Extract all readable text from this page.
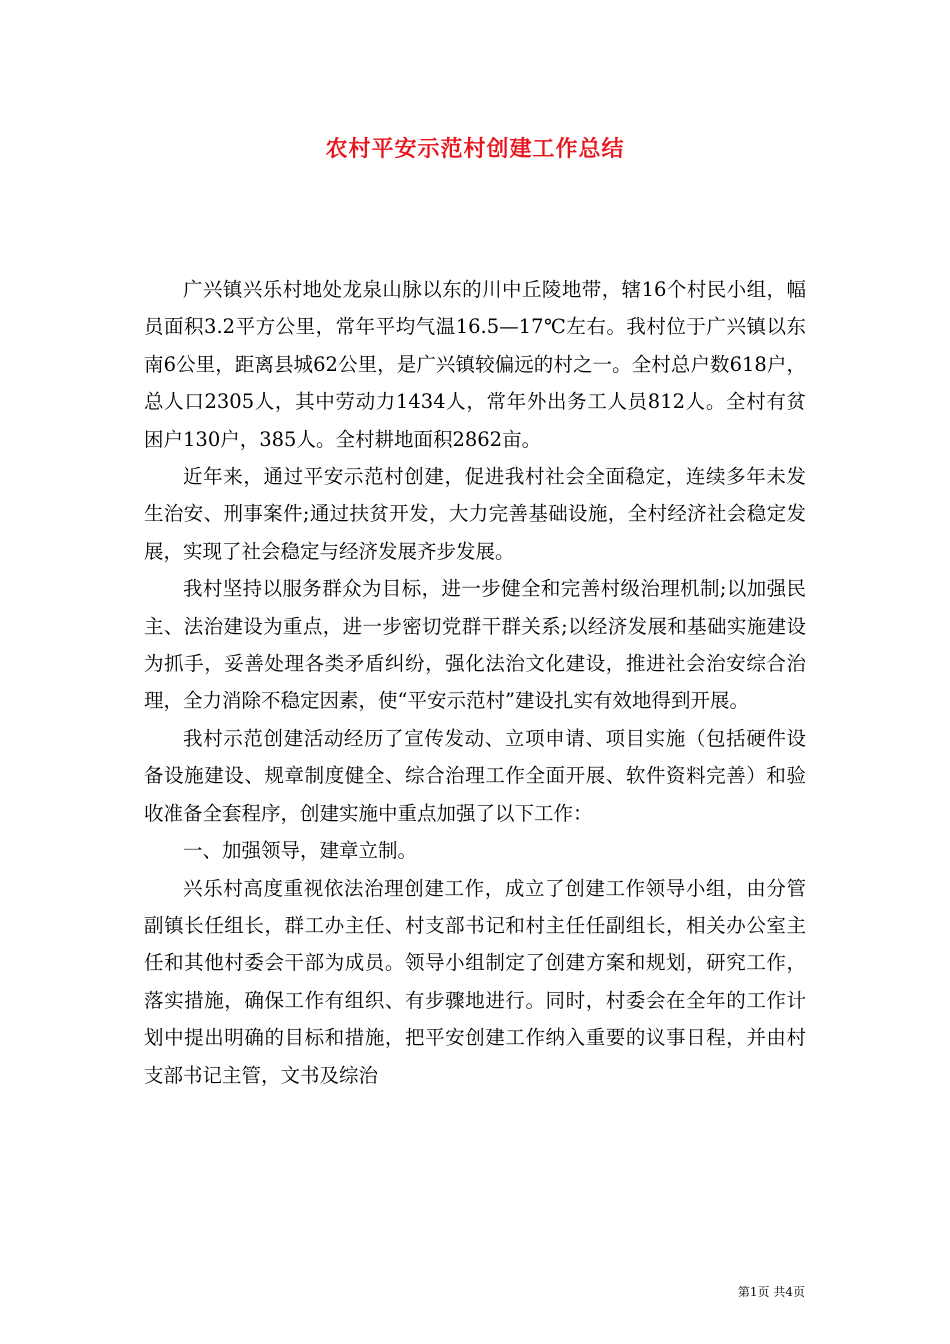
农村平安示范村创建工作总结

广兴镇兴乐村地处龙泉山脉以东的川中丘陵地带，辖16个村民小组，幅员面积3.2平方公里，常年平均气温16.5—17℃左右。我村位于广兴镇以东南6公里，距离县城62公里，是广兴镇较偏远的村之一。全村总户数618户，总人口2305人，其中劳动力1434人，常年外出务工人员812人。全村有贫困户130户，385人。全村耕地面积2862亩。

近年来，通过平安示范村创建，促进我村社会全面稳定，连续多年未发生治安、刑事案件;通过扶贫开发，大力完善基础设施，全村经济社会稳定发展，实现了社会稳定与经济发展齐步发展。

我村坚持以服务群众为目标，进一步健全和完善村级治理机制;以加强民主、法治建设为重点，进一步密切党群干群关系;以经济发展和基础实施建设为抓手，妥善处理各类矛盾纠纷，强化法治文化建设，推进社会治安综合治理，全力消除不稳定因素，使“平安示范村”建设扎实有效地得到开展。

我村示范创建活动经历了宣传发动、立项申请、项目实施（包括硬件设备设施建设、规章制度健全、综合治理工作全面开展、软件资料完善）和验收准备全套程序，创建实施中重点加强了以下工作：

一、加强领导，建章立制。

兴乐村高度重视依法治理创建工作，成立了创建工作领导小组，由分管副镇长任组长，群工办主任、村支部书记和村主任任副组长，相关办公室主任和其他村委会干部为成员。领导小组制定了创建方案和规划，研究工作，落实措施，确保工作有组织、有步骤地进行。同时，村委会在全年的工作计划中提出明确的目标和措施，把平安创建工作纳入重要的议事日程，并由村支部书记主管，文书及综治

第1页 共4页
